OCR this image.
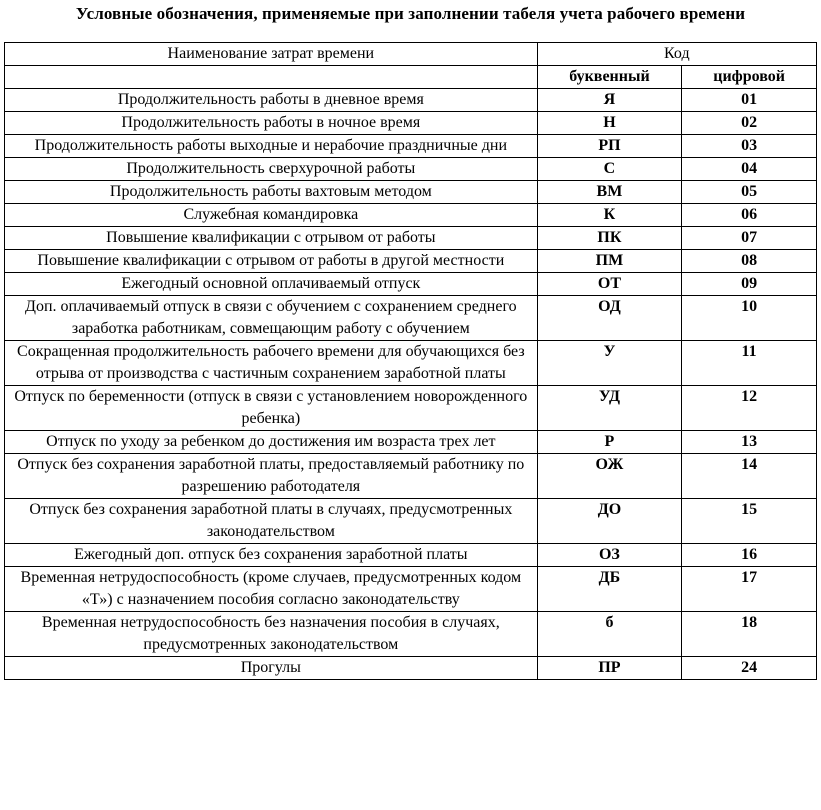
Условные обозначения, применяемые при заполнении табеля учета рабочего времени
Наименование затрат времени	Код	
	буквенный	цифровой
Продолжительность работы в дневное время	Я	01
Продолжительность работы в ночное время	Н	02
Продолжительность работы выходные и нерабочие праздничные дни	РП	03
Продолжительность сверхурочной работы	С	04
Продолжительность работы вахтовым методом	ВМ	05
Служебная командировка	К	06
Повышение квалификации с отрывом от работы	ПК	07
Повышение квалификации с отрывом от работы в другой местности	ПМ	08
Ежегодный основной оплачиваемый отпуск	ОТ	09
Доп. оплачиваемый отпуск в связи с обучением с сохранением среднего заработка работникам, совмещающим работу с обучением	ОД	10
Сокращенная продолжительность рабочего времени для обучающихся без отрыва от производства с частичным сохранением заработной платы	У	11
Отпуск по беременности (отпуск в связи с установлением новорожденного ребенка)	УД	12
Отпуск по уходу за ребенком до достижения им возраста трех лет	Р	13
Отпуск без сохранения заработной платы, предоставляемый работнику по разрешению работодателя	ОЖ	14
Отпуск без сохранения заработной платы в случаях, предусмотренных законодательством	ДО	15
Ежегодный доп. отпуск без сохранения заработной платы	ОЗ	16
Временная нетрудоспособность (кроме случаев, предусмотренных кодом «Т») с назначением пособия согласно законодательству	ДБ	17
Временная нетрудоспособность без назначения пособия в случаях, предусмотренных законодательством	б	18
Прогулы	ПР	24
